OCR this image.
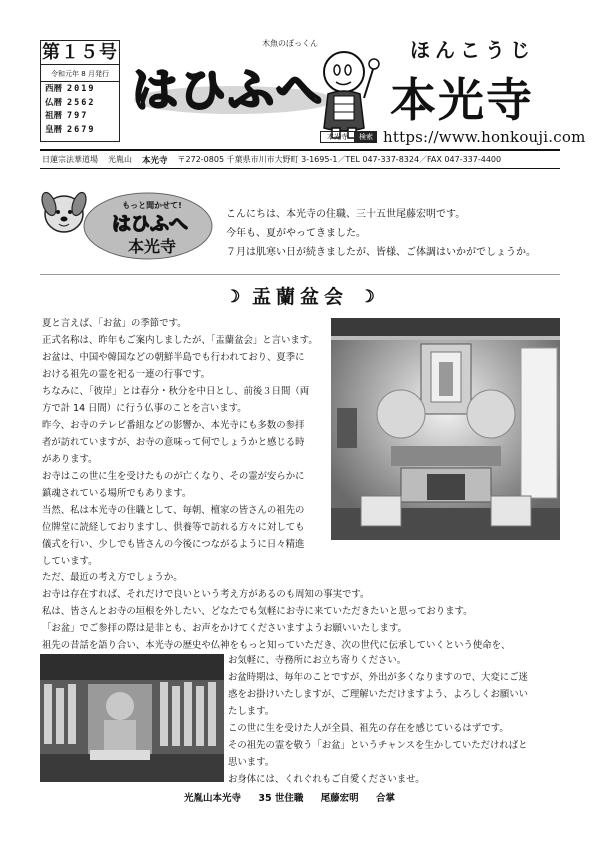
第１５号
令和元年 8 月発行
西暦 2019
仏暦 2562
祖暦 797
皇暦 2679
木魚のぼっくん
はひふへ
ほんこうじ
本光寺
本光寺	検索 https://www.honkouji.com
日蓮宗法華道場 光胤山 本光寺 〒272-0805 千葉県市川市大野町 3-1695-1／TEL 047-337-8324／FAX 047-337-4400
もっと聞かせて!
はひふへ
本光寺

こんにちは、本光寺の住職、三十五世尾藤宏明です。

今年も、夏がやってきました。

７月は肌寒い日が続きましたが、皆様、ご体調はいかがでしょうか。

☽ 盂蘭盆会 ☽

夏と言えば、「お盆」の季節です。

正式名称は、昨年もご案内しましたが、「盂蘭盆会」と言います。

お盆は、中国や韓国などの朝鮮半島でも行われており、夏季に

おける祖先の霊を祀る一連の行事です。

ちなみに、「彼岸」とは春分・秋分を中日とし、前後３日間（両

方で計 14 日間）に行う仏事のことを言います。

昨今、お寺のテレビ番組などの影響か、本光寺にも多数の参拝

者が訪れていますが、お寺の意味って何でしょうかと感じる時

があります。

お寺はこの世に生を受けたものが亡くなり、その霊が安らかに

鎮魂されている場所でもあります。

当然、私は本光寺の住職として、毎朝、檀家の皆さんの祖先の

位牌堂に読経しておりますし、供養等で訪れる方々に対しても

儀式を行い、少しでも皆さんの今後につながるように日々精進

しています。

ただ、最近の考え方でしょうか。

お寺は存在すれば、それだけで良いという考え方があるのも周知の事実です。

私は、皆さんとお寺の垣根を外したい、どなたでも気軽にお寺に来ていただきたいと思っております。

「お盆」でご参拝の際は是非とも、お声をかけてくださいますようお願いいたします。

祖先の昔話を語り合い、本光寺の歴史や仏神をもっと知っていただき、次の世代に伝承していくという使命を、

お気軽に、寺務所にお立ち寄りください。

お盆時期は、毎年のことですが、外出が多くなりますので、大変にご迷

惑をお掛けいたしますが、ご理解いただけますよう、よろしくお願いい

たします。

この世に生を受けた人が全員、祖先の存在を感じているはずです。

その祖先の霊を敬う「お盆」というチャンスを生かしていただければと

思います。

お身体には、くれぐれもご自愛くださいませ。

光胤山本光寺 35 世住職 尾藤宏明 合掌
